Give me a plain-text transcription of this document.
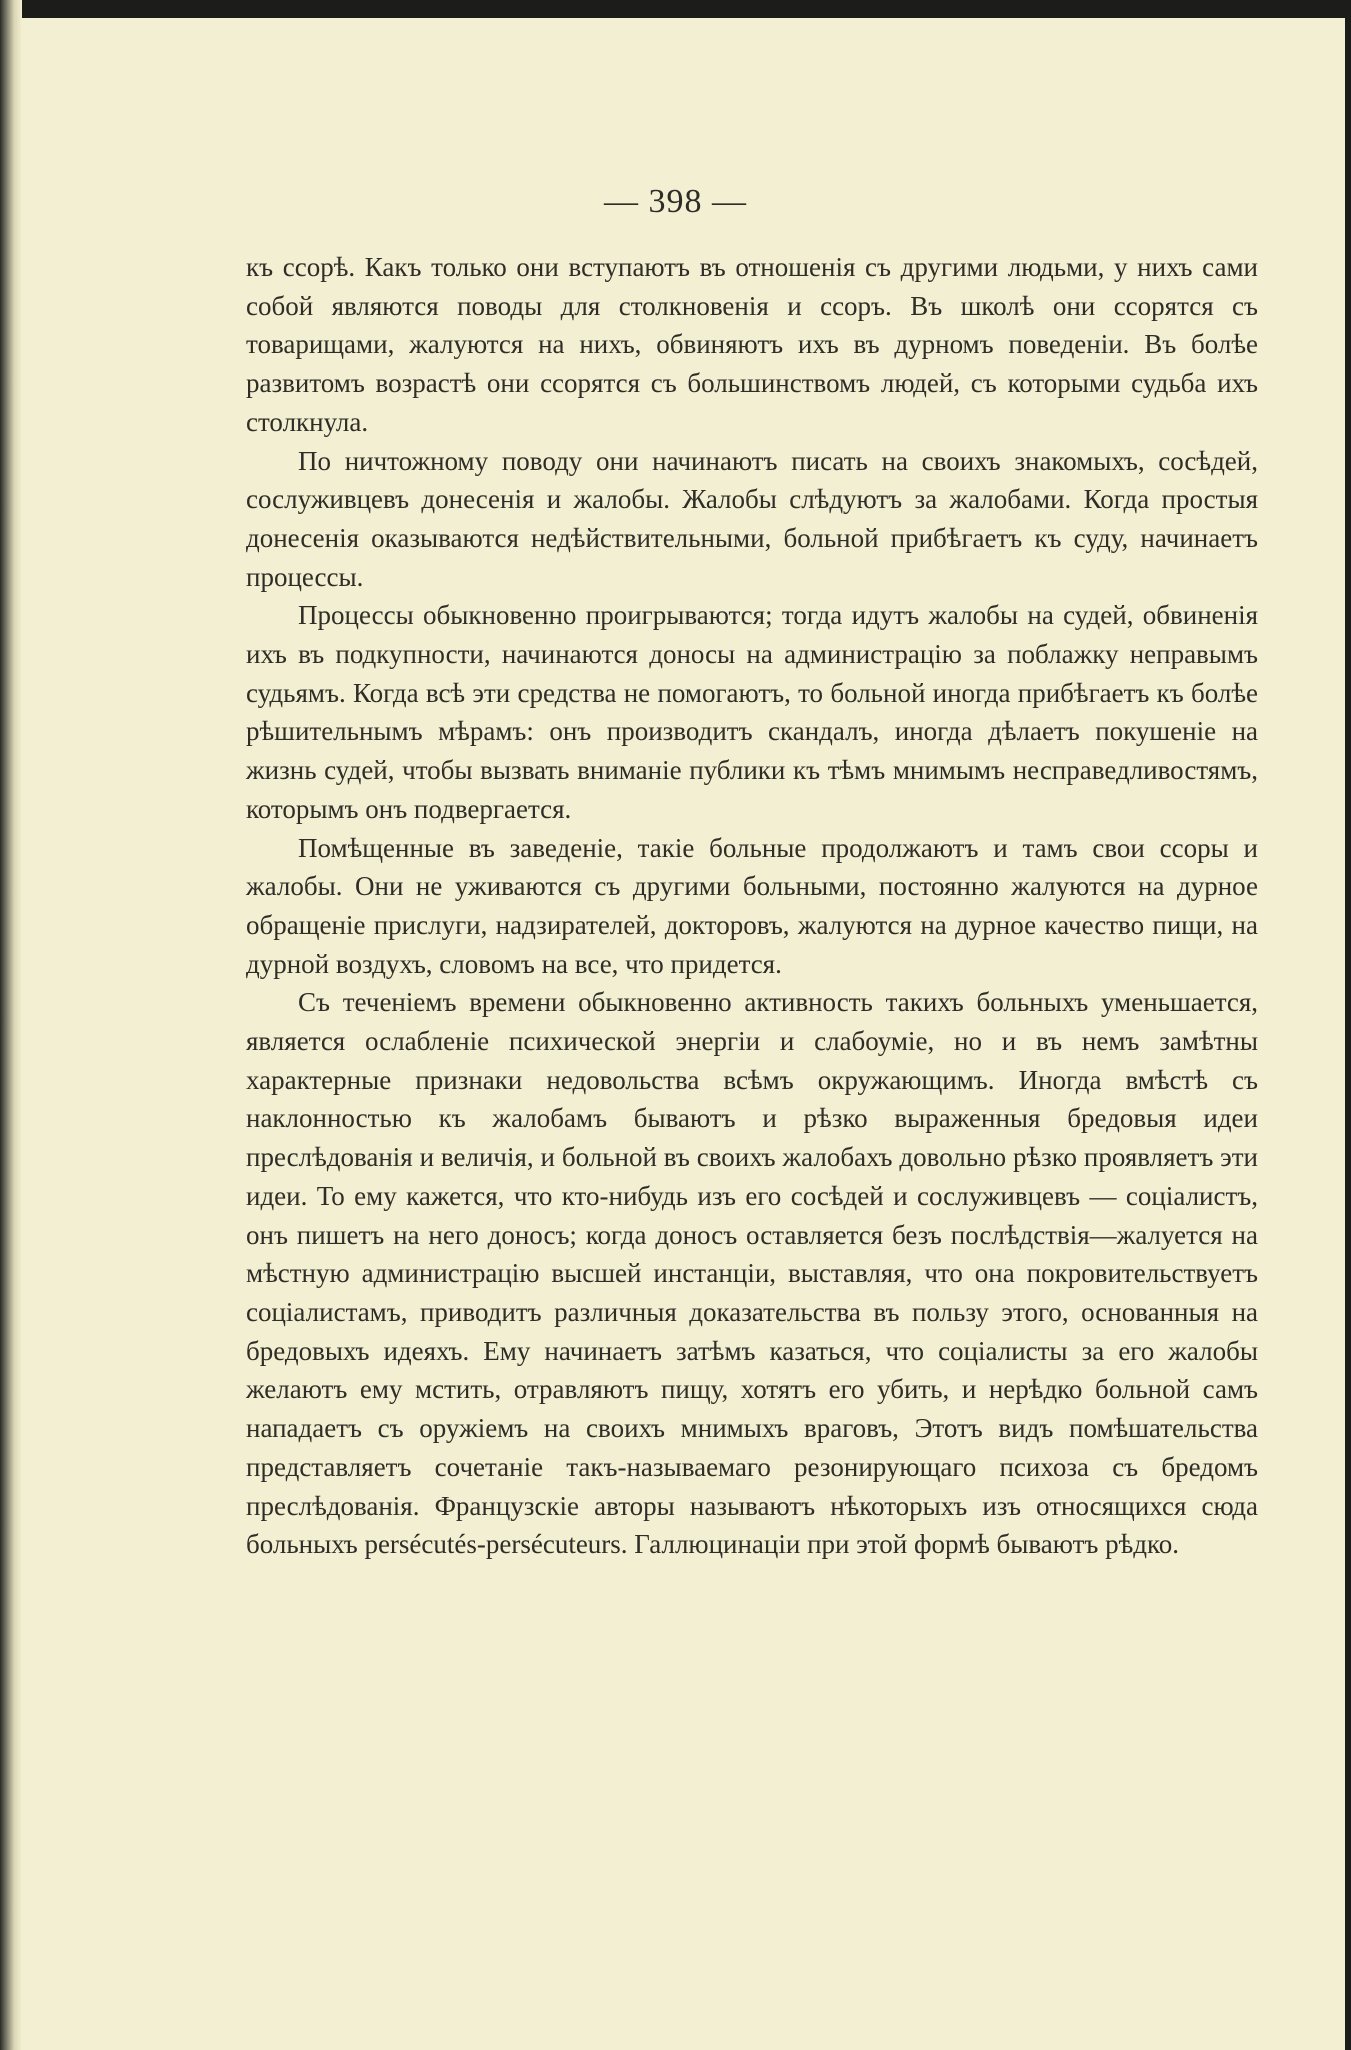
— 398 —

къ ссорѣ. Какъ только они вступаютъ въ отношенія съ другими людьми, у нихъ сами собой являются поводы для столкновенія и ссоръ. Въ школѣ они ссорятся съ товарищами, жалуются на нихъ, обвиняютъ ихъ въ дурномъ поведеніи. Въ болѣе развитомъ возрастѣ они ссорятся съ большинствомъ людей, съ которыми судьба ихъ столкнула.

По ничтожному поводу они начинаютъ писать на своихъ знакомыхъ, сосѣдей, сослуживцевъ донесенія и жалобы. Жалобы слѣдуютъ за жалобами. Когда простыя донесенія оказываются недѣйствительными, больной прибѣгаетъ къ суду, начинаетъ процессы.

Процессы обыкновенно проигрываются; тогда идутъ жалобы на судей, обвиненія ихъ въ подкупности, начинаются доносы на администрацію за поблажку неправымъ судьямъ. Когда всѣ эти средства не помогаютъ, то больной иногда прибѣгаетъ къ болѣе рѣшительнымъ мѣрамъ: онъ производитъ скандалъ, иногда дѣлаетъ покушеніе на жизнь судей, чтобы вызвать вниманіе публики къ тѣмъ мнимымъ несправедливостямъ, которымъ онъ подвергается.

Помѣщенные въ заведеніе, такіе больные продолжаютъ и тамъ свои ссоры и жалобы. Они не уживаются съ другими больными, постоянно жалуются на дурное обращеніе прислуги, надзирателей, докторовъ, жалуются на дурное качество пищи, на дурной воздухъ, словомъ на все, что придется.

Съ теченіемъ времени обыкновенно активность такихъ больныхъ уменьшается, является ослабленіе психической энергіи и слабоуміе, но и въ немъ замѣтны характерные признаки недовольства всѣмъ окружающимъ. Иногда вмѣстѣ съ наклонностью къ жалобамъ бываютъ и рѣзко выраженныя бредовыя идеи преслѣдованія и величія, и больной въ своихъ жалобахъ довольно рѣзко проявляетъ эти идеи. То ему кажется, что кто-нибудь изъ его сосѣдей и сослуживцевъ — соціалистъ, онъ пишетъ на него доносъ; когда доносъ оставляется безъ послѣдствія—жалуется на мѣстную администрацію высшей инстанціи, выставляя, что она покровительствуетъ соціалистамъ, приводитъ различныя доказательства въ пользу этого, основанныя на бредовыхъ идеяхъ. Ему начинаетъ затѣмъ казаться, что соціалисты за его жалобы желаютъ ему мстить, отравляютъ пищу, хотятъ его убить, и нерѣдко больной самъ нападаетъ съ оружіемъ на своихъ мнимыхъ враговъ, Этотъ видъ помѣшательства представляетъ сочетаніе такъ-называемаго резонирующаго психоза съ бредомъ преслѣдованія. Французскіе авторы называютъ нѣкоторыхъ изъ относящихся сюда больныхъ persécutés-persécuteurs. Галлюцинаціи при этой формѣ бываютъ рѣдко.
